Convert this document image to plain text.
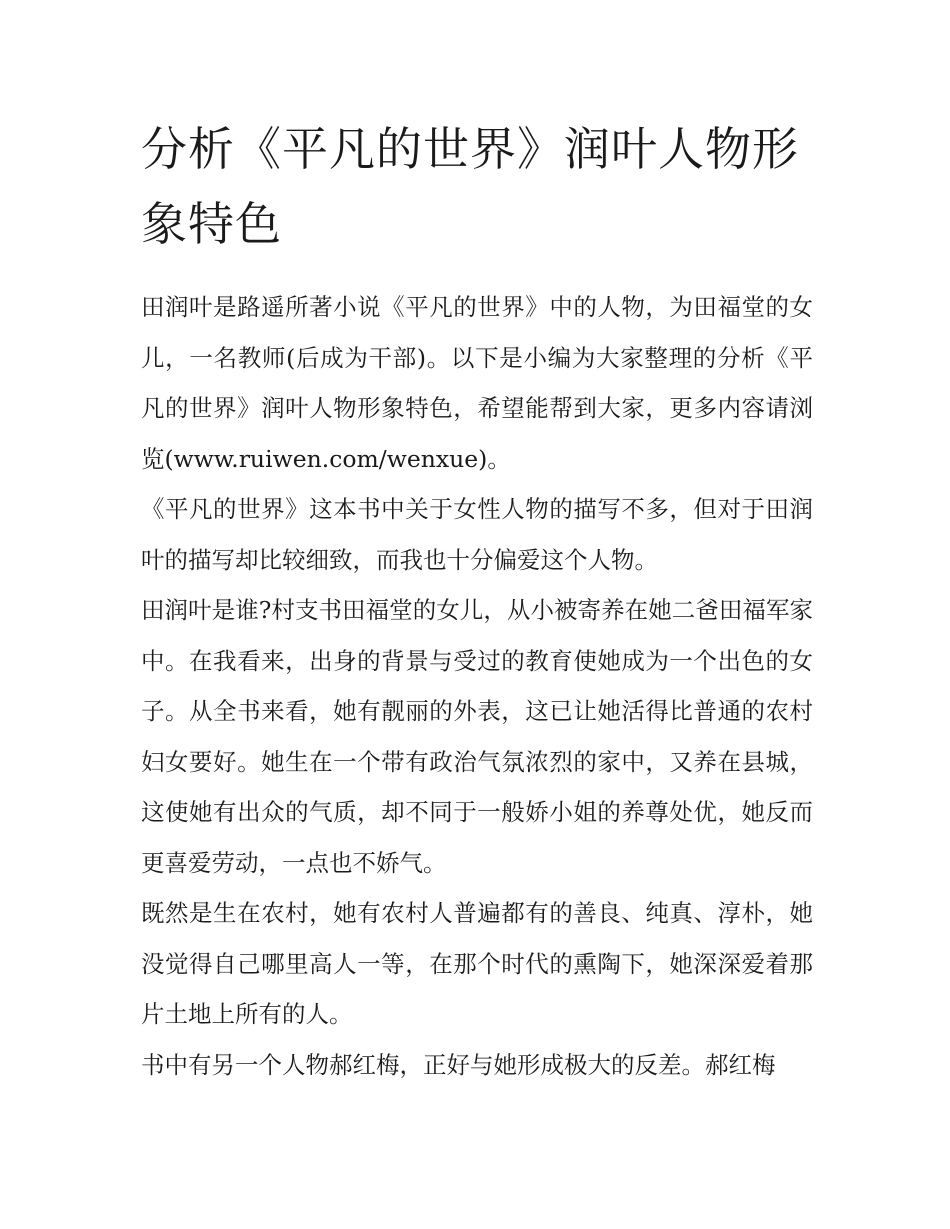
分析《平凡的世界》润叶人物形象特色

田润叶是路遥所著小说《平凡的世界》中的人物，为田福堂的女儿，一名教师(后成为干部)。以下是小编为大家整理的分析《平凡的世界》润叶人物形象特色，希望能帮到大家，更多内容请浏览(www.ruiwen.com/wenxue)。

《平凡的世界》这本书中关于女性人物的描写不多，但对于田润叶的描写却比较细致，而我也十分偏爱这个人物。

田润叶是谁?村支书田福堂的女儿，从小被寄养在她二爸田福军家中。在我看来，出身的背景与受过的教育使她成为一个出色的女子。从全书来看，她有靓丽的外表，这已让她活得比普通的农村妇女要好。她生在一个带有政治气氛浓烈的家中，又养在县城，这使她有出众的气质，却不同于一般娇小姐的养尊处优，她反而更喜爱劳动，一点也不娇气。

既然是生在农村，她有农村人普遍都有的善良、纯真、淳朴，她没觉得自己哪里高人一等，在那个时代的熏陶下，她深深爱着那片土地上所有的人。

书中有另一个人物郝红梅，正好与她形成极大的反差。郝红梅
